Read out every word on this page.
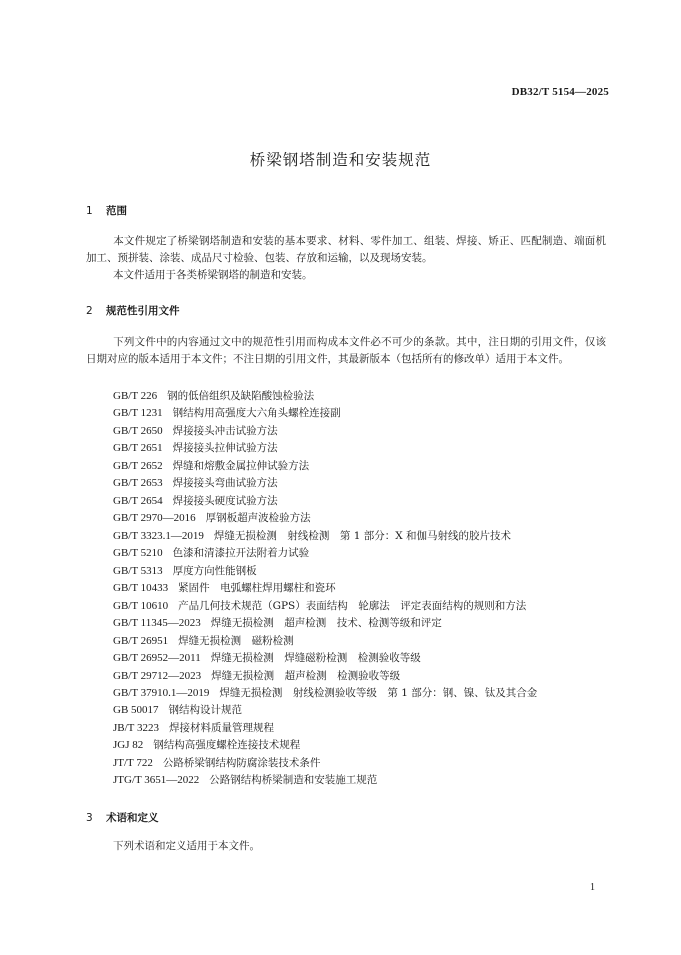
DB32/T 5154—2025
桥梁钢塔制造和安装规范
1 范围
本文件规定了桥梁钢塔制造和安装的基本要求、材料、零件加工、组装、焊接、矫正、匹配制造、端面机加工、预拼装、涂装、成品尺寸检验、包装、存放和运输，以及现场安装。
本文件适用于各类桥梁钢塔的制造和安装。
2 规范性引用文件
下列文件中的内容通过文中的规范性引用而构成本文件必不可少的条款。其中，注日期的引用文件，仅该日期对应的版本适用于本文件；不注日期的引用文件，其最新版本（包括所有的修改单）适用于本文件。
GB/T 226 钢的低倍组织及缺陷酸蚀检验法
GB/T 1231 钢结构用高强度大六角头螺栓连接副
GB/T 2650 焊接接头冲击试验方法
GB/T 2651 焊接接头拉伸试验方法
GB/T 2652 焊缝和熔敷金属拉伸试验方法
GB/T 2653 焊接接头弯曲试验方法
GB/T 2654 焊接接头硬度试验方法
GB/T 2970—2016 厚钢板超声波检验方法
GB/T 3323.1—2019 焊缝无损检测　射线检测　第 1 部分：X 和伽马射线的胶片技术
GB/T 5210 色漆和清漆拉开法附着力试验
GB/T 5313 厚度方向性能钢板
GB/T 10433 紧固件　电弧螺柱焊用螺柱和瓷环
GB/T 10610 产品几何技术规范（GPS）表面结构　轮廓法　评定表面结构的规则和方法
GB/T 11345—2023 焊缝无损检测　超声检测　技术、检测等级和评定
GB/T 26951 焊缝无损检测　磁粉检测
GB/T 26952—2011 焊缝无损检测　焊缝磁粉检测　检测验收等级
GB/T 29712—2023 焊缝无损检测　超声检测　检测验收等级
GB/T 37910.1—2019 焊缝无损检测　射线检测验收等级　第 1 部分：钢、镍、钛及其合金
GB 50017 钢结构设计规范
JB/T 3223 焊接材料质量管理规程
JGJ 82 钢结构高强度螺栓连接技术规程
JT/T 722 公路桥梁钢结构防腐涂装技术条件
JTG/T 3651—2022 公路钢结构桥梁制造和安装施工规范
3 术语和定义
下列术语和定义适用于本文件。
1
